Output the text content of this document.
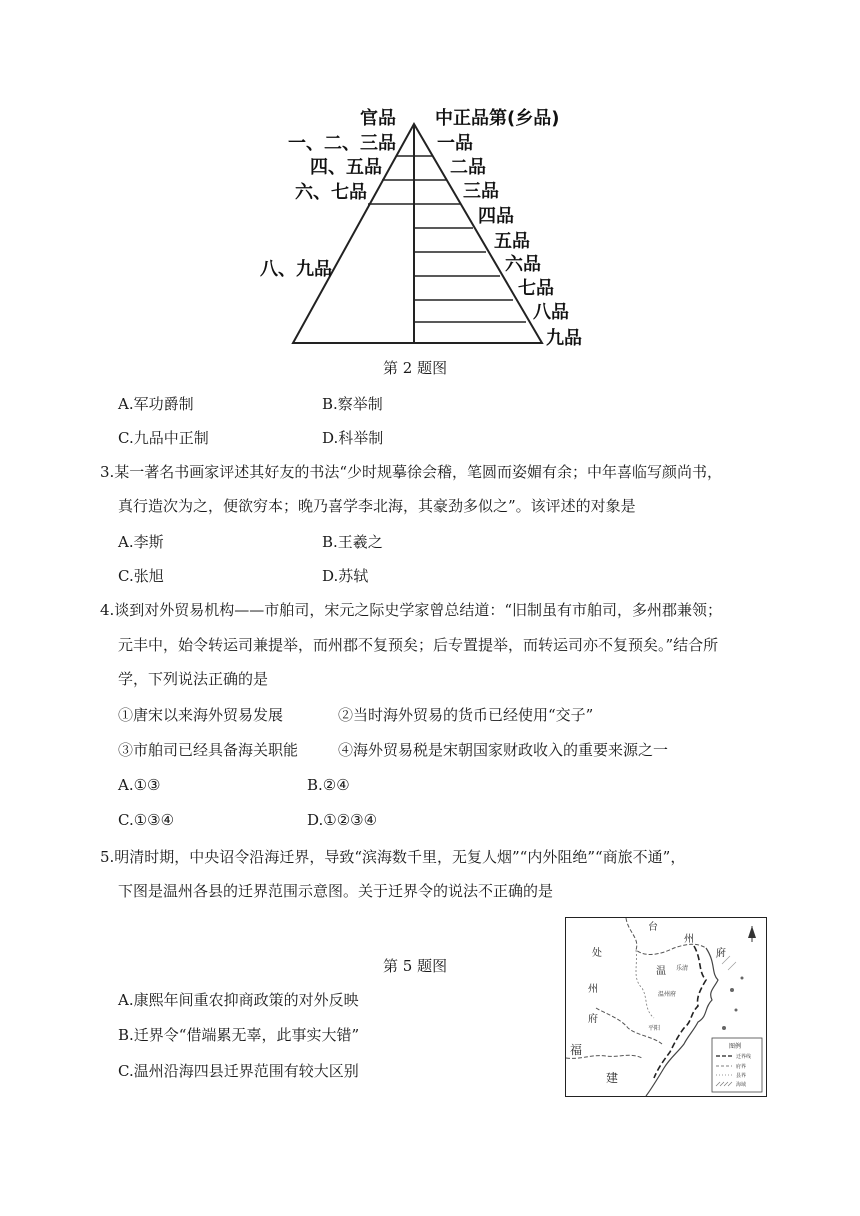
官品 中正品第(乡品)
一、二、三品
四、五品
六、七品
八、九品
一品
二品
三品
四品
五品
六品
七品
八品
九品
第 2 题图
A.军功爵制	B.察举制
C.九品中正制	D.科举制
3.某一著名书画家评述其好友的书法“少时规摹徐会稽，笔圆而姿媚有余；中年喜临写颜尚书，
真行造次为之，便欲穷本；晚乃喜学李北海，其豪劲多似之”。该评述的对象是
A.李斯	B.王羲之
C.张旭	D.苏轼
4.谈到对外贸易机构——市舶司，宋元之际史学家曾总结道：“旧制虽有市舶司，多州郡兼领；
元丰中，始令转运司兼提举，而州郡不复预矣；后专置提举，而转运司亦不复预矣。”结合所
学，下列说法正确的是
①唐宋以来海外贸易发展	②当时海外贸易的货币已经使用“交子”
③市舶司已经具备海关职能	④海外贸易税是宋朝国家财政收入的重要来源之一
A.①③	B.②④
C.①③④	D.①②③④
5.明清时期，中央诏令沿海迁界，导致“滨海数千里，无复人烟”“内外阻绝”“商旅不通”，
下图是温州各县的迁界范围示意图。关于迁界令的说法不正确的是
第 5 题图
A.康熙年间重农抑商政策的对外反映
B.迁界令“借端累无辜，此事实大错”
C.温州沿海四县迁界范围有较大区别
台
州
府
处
温
州
府
福
建
乐清
温州府
平阳
图例
迁界线
府界
县界
海域
